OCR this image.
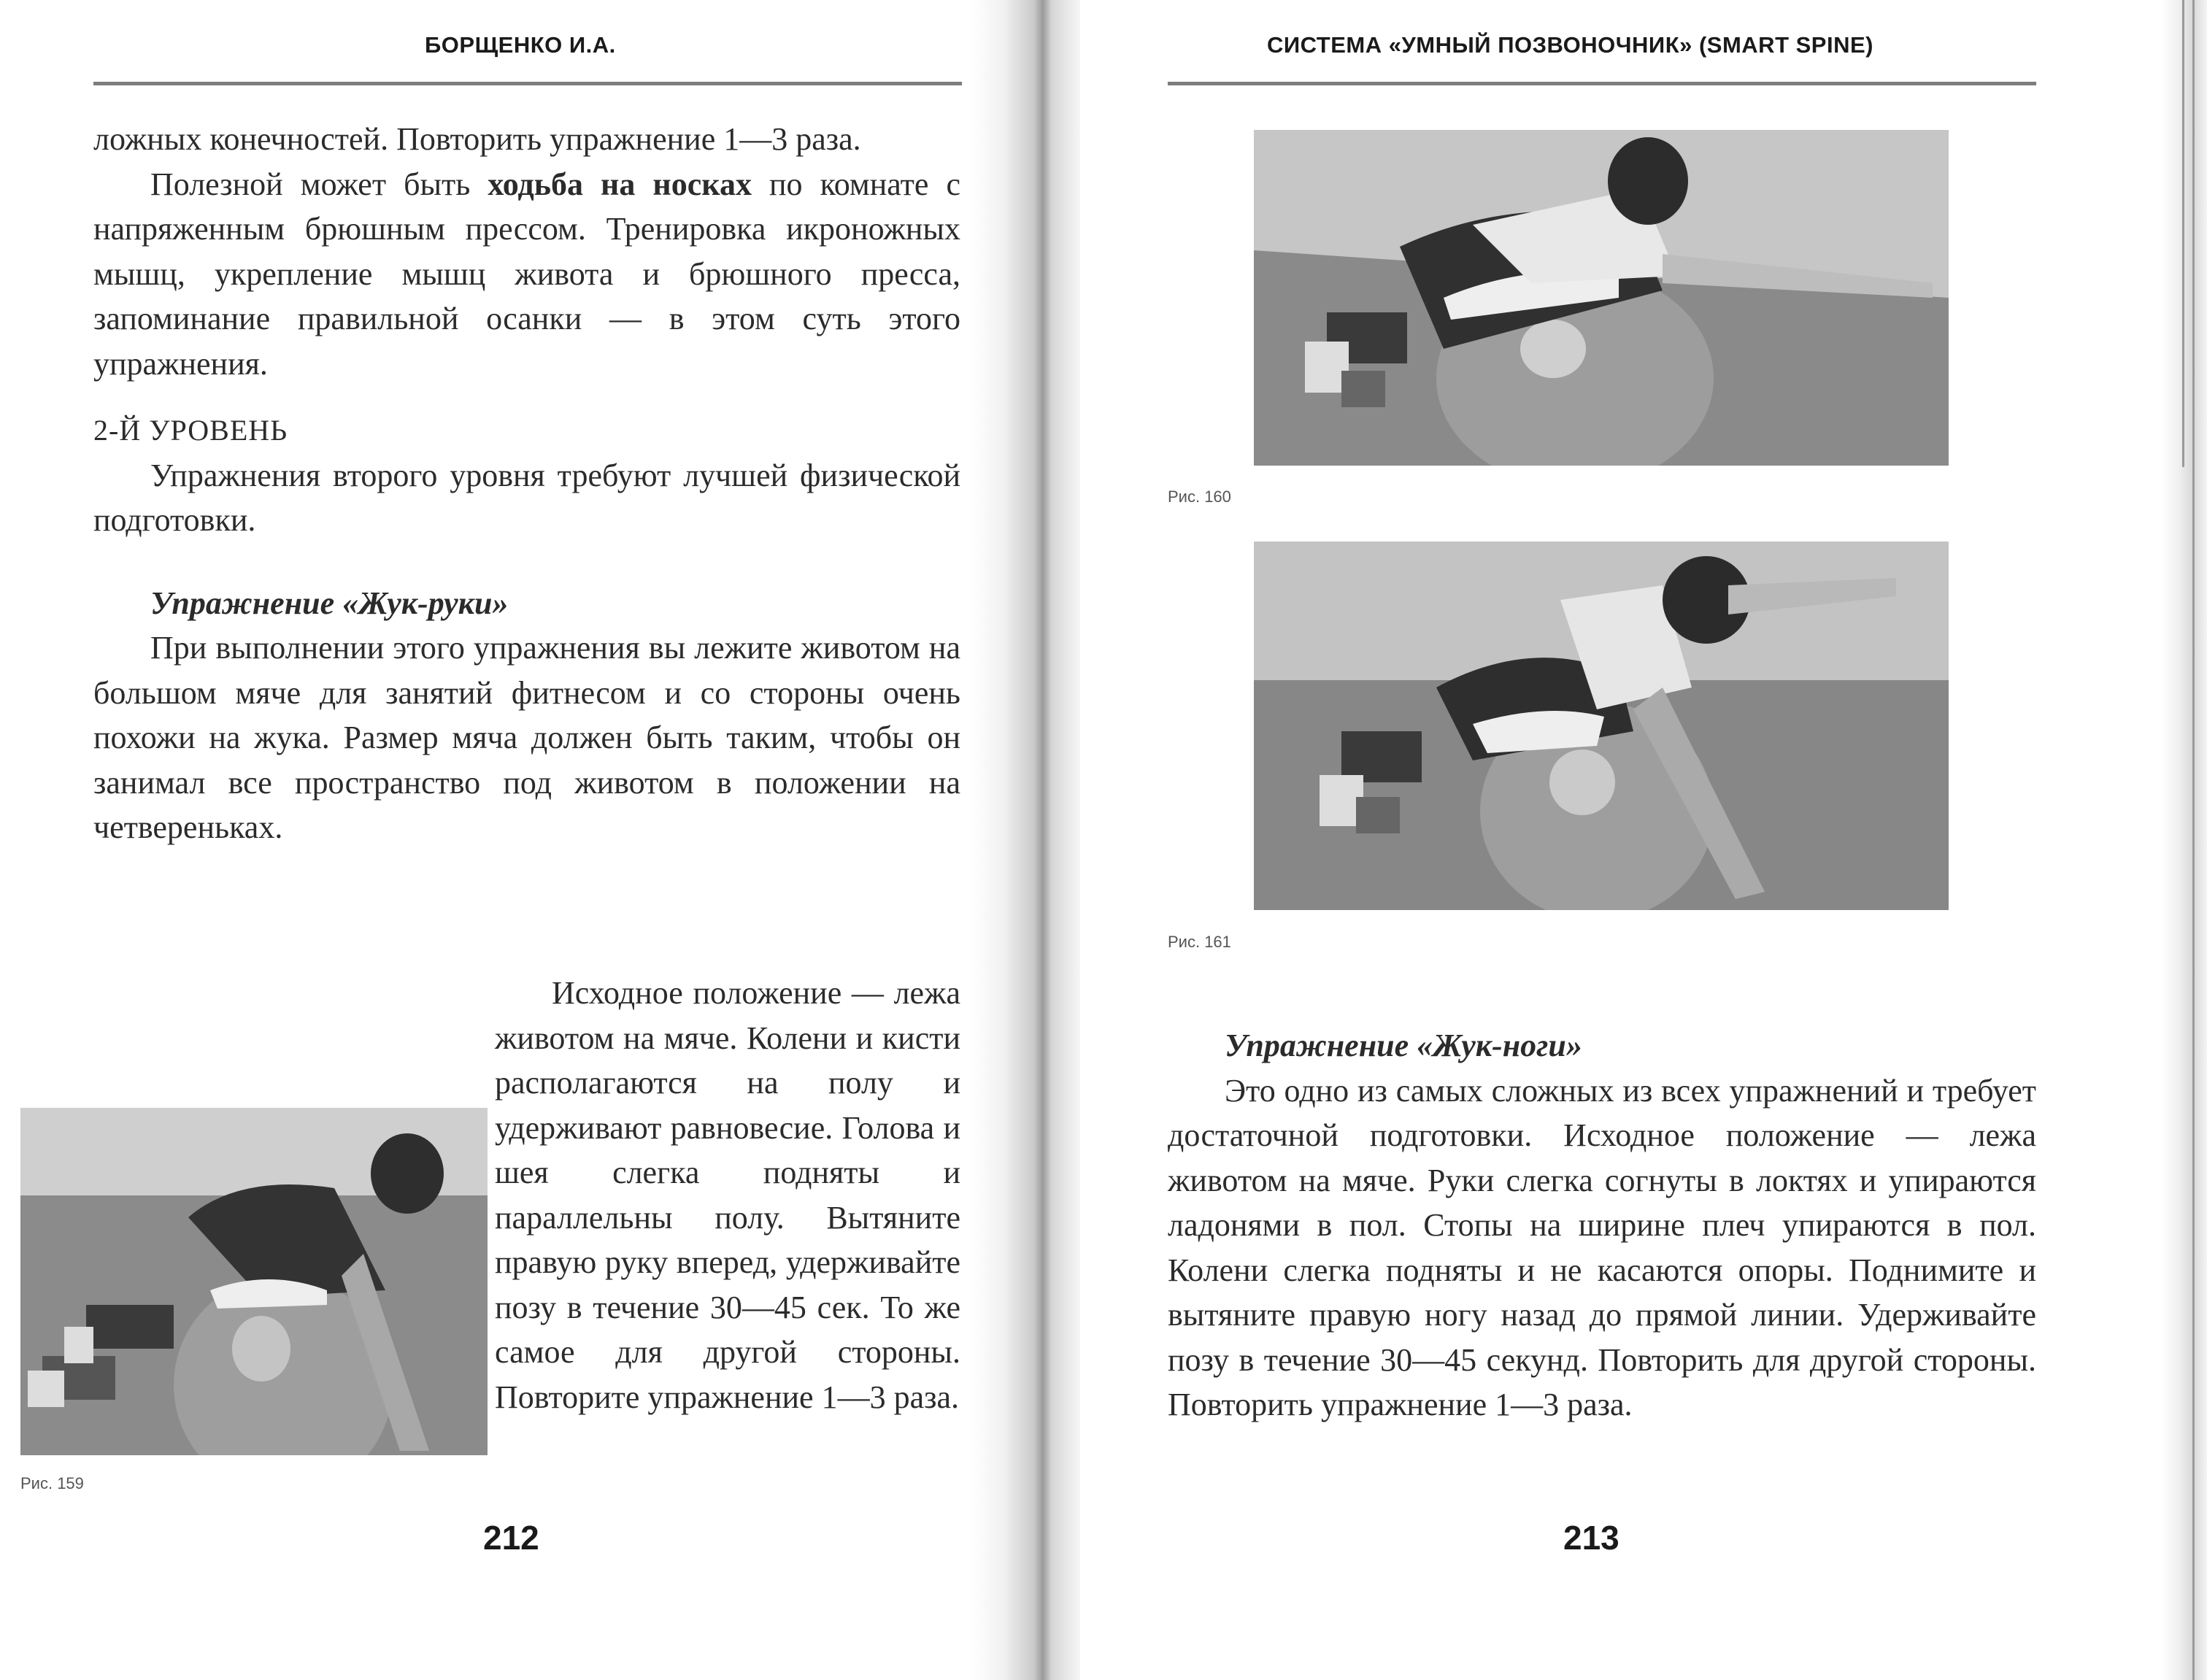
БОРЩЕНКО И.А.

ложных конечностей. Повторить упражнение 1—3 раза.

Полезной может быть ходьба на носках по комнате с напряженным брюшным прессом. Тренировка икроножных мышц, укрепление мышц живота и брюшного пресса, запоминание правильной осанки — в этом суть этого упражнения.

2-Й УРОВЕНЬ

Упражнения второго уровня требуют лучшей физической подготовки.

Упражнение «Жук-руки»

При выполнении этого упражнения вы лежите животом на большом мяче для занятий фитнесом и со стороны очень похожи на жука. Размер мяча должен быть таким, чтобы он занимал все пространство под животом в положении на четвереньках.

Исходное положение — лежа животом на мяче. Колени и кисти располагаются на полу и удерживают равновесие. Голова и шея слегка подняты и параллельны полу. Вытяните правую руку вперед, удерживайте позу в течение 30—45 сек. То же самое для другой стороны. Повторите упражнение 1—3 раза.

Рис. 159
212
СИСТЕМА «УМНЫЙ ПОЗВОНОЧНИК» (SMART SPINE)
Рис. 160
Рис. 161

Упражнение «Жук-ноги»

Это одно из самых сложных из всех упражнений и требует достаточной подготовки. Исходное положение — лежа животом на мяче. Руки слегка согнуты в локтях и упираются ладонями в пол. Стопы на ширине плеч упираются в пол. Колени слегка подняты и не касаются опоры. Поднимите и вытяните правую ногу назад до прямой линии. Удерживайте позу в течение 30—45 секунд. Повторить для другой стороны. Повторить упражнение 1—3 раза.

213
